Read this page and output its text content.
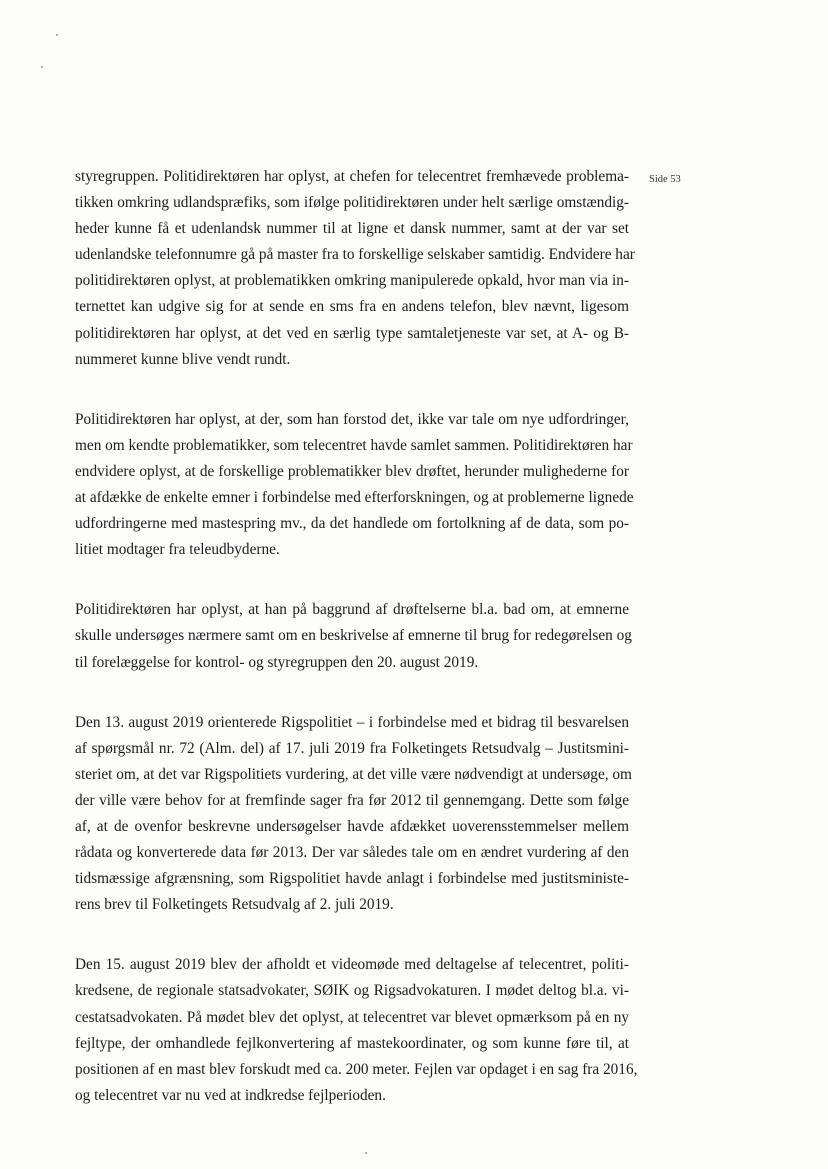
Side 53

styregruppen. Politidirektøren har oplyst, at chefen for telecentret fremhævede problema-
tikken omkring udlandspræfiks, som ifølge politidirektøren under helt særlige omstændig-
heder kunne få et udenlandsk nummer til at ligne et dansk nummer, samt at der var set
udenlandske telefonnumre gå på master fra to forskellige selskaber samtidig. Endvidere har
politidirektøren oplyst, at problematikken omkring manipulerede opkald, hvor man via in-
ternettet kan udgive sig for at sende en sms fra en andens telefon, blev nævnt, ligesom
politidirektøren har oplyst, at det ved en særlig type samtaletjeneste var set, at A- og B-
nummeret kunne blive vendt rundt.

Politidirektøren har oplyst, at der, som han forstod det, ikke var tale om nye udfordringer,
men om kendte problematikker, som telecentret havde samlet sammen. Politidirektøren har
endvidere oplyst, at de forskellige problematikker blev drøftet, herunder mulighederne for
at afdække de enkelte emner i forbindelse med efterforskningen, og at problemerne lignede
udfordringerne med mastespring mv., da det handlede om fortolkning af de data, som po-
litiet modtager fra teleudbyderne.

Politidirektøren har oplyst, at han på baggrund af drøftelserne bl.a. bad om, at emnerne
skulle undersøges nærmere samt om en beskrivelse af emnerne til brug for redegørelsen og
til forelæggelse for kontrol- og styregruppen den 20. august 2019.

Den 13. august 2019 orienterede Rigspolitiet – i forbindelse med et bidrag til besvarelsen
af spørgsmål nr. 72 (Alm. del) af 17. juli 2019 fra Folketingets Retsudvalg – Justitsmini-
steriet om, at det var Rigspolitiets vurdering, at det ville være nødvendigt at undersøge, om
der ville være behov for at fremfinde sager fra før 2012 til gennemgang. Dette som følge
af, at de ovenfor beskrevne undersøgelser havde afdækket uoverensstemmelser mellem
rådata og konverterede data før 2013. Der var således tale om en ændret vurdering af den
tidsmæssige afgrænsning, som Rigspolitiet havde anlagt i forbindelse med justitsministe-
rens brev til Folketingets Retsudvalg af 2. juli 2019.

Den 15. august 2019 blev der afholdt et videomøde med deltagelse af telecentret, politi-
kredsene, de regionale statsadvokater, SØIK og Rigsadvokaturen. I mødet deltog bl.a. vi-
cestatsadvokaten. På mødet blev det oplyst, at telecentret var blevet opmærksom på en ny
fejltype, der omhandlede fejlkonvertering af mastekoordinater, og som kunne føre til, at
positionen af en mast blev forskudt med ca. 200 meter. Fejlen var opdaget i en sag fra 2016,
og telecentret var nu ved at indkredse fejlperioden.
